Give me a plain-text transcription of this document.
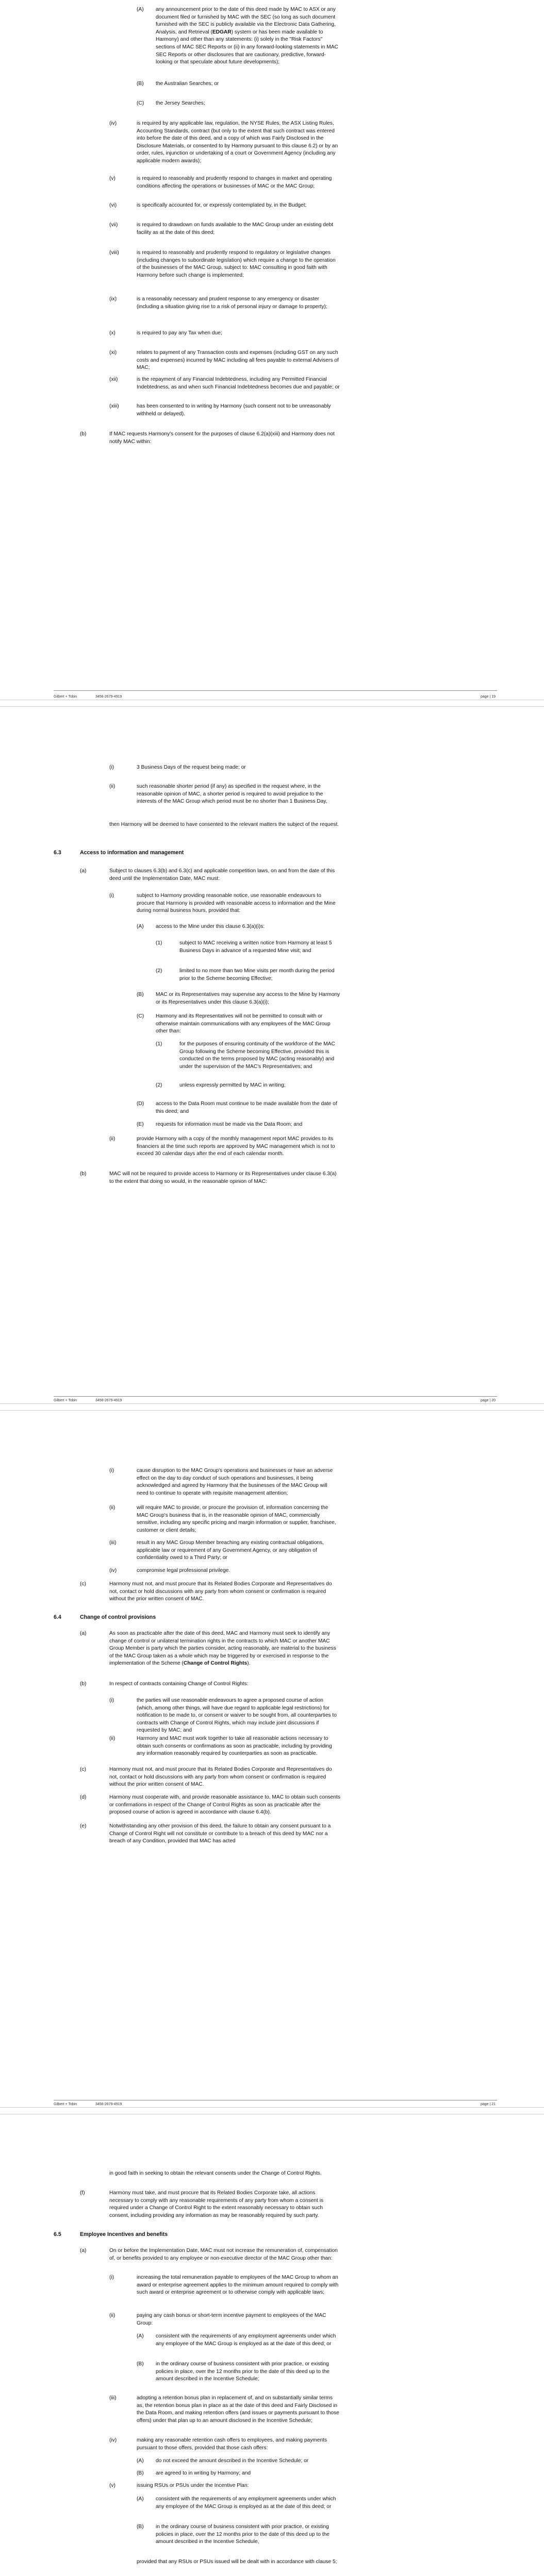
(A) any announcement prior to the date of this deed made by MAC to ASX or any document filed or furnished by MAC with the SEC (so long as such document furnished with the SEC is publicly available via the Electronic Data Gathering, Analysis, and Retrieval (EDGAR) system or has been made available to Harmony) and other than any statements: (i) solely in the "Risk Factors" sections of MAC SEC Reports or (ii) in any forward-looking statements in MAC SEC Reports or other disclosures that are cautionary, predictive, forward-looking or that speculate about future developments);

(B) the Australian Searches; or

(C) the Jersey Searches;

(iv)	is required by any applicable law, regulation, the NYSE Rules, the ASX Listing Rules, Accounting Standards, contract (but only to the extent that such contract was entered into before the date of this deed, and a copy of which was Fairly Disclosed in the Disclosure Materials, or consented to by Harmony pursuant to this clause 6.2) or by an order, rules, injunction or undertaking of a court or Government Agency (including any applicable modern awards);

(v)	is required to reasonably and prudently respond to changes in market and operating conditions affecting the operations or businesses of MAC or the MAC Group;

(vi)	is specifically accounted for, or expressly contemplated by, in the Budget;

(vii)	is required to drawdown on funds available to the MAC Group under an existing debt facility as at the date of this deed;

(viii)	is required to reasonably and prudently respond to regulatory or legislative changes (including changes to subordinate legislation) which require a change to the operation of the businesses of the MAC Group, subject to: MAC consulting in good faith with Harmony before such change is implemented;

(ix)	is a reasonably necessary and prudent response to any emergency or disaster (including a situation giving rise to a risk of personal injury or damage to property);

(x)	is required to pay any Tax when due;

(xi)	relates to payment of any Transaction costs and expenses (including GST on any such costs and expenses) incurred by MAC including all fees payable to external Advisers of MAC;

(xii)	is the repayment of any Financial Indebtedness, including any Permitted Financial Indebtedness, as and when such Financial Indebtedness becomes due and payable; or

(xiii)	has been consented to in writing by Harmony (such consent not to be unreasonably withheld or delayed).

(b)	If MAC requests Harmony's consent for the purposes of clause 6.2(a)(xiii) and Harmony does not notify MAC within:

Gilbert + Tobin	3456-2679-4919	page | 19
(i)	3 Business Days of the request being made; or

(ii)	such reasonable shorter period (if any) as specified in the request where, in the reasonable opinion of MAC, a shorter period is required to avoid prejudice to the interests of the MAC Group which period must be no shorter than 1 Business Day,

then Harmony will be deemed to have consented to the relevant matters the subject of the request.

6.3	Access to information and management
(a)	Subject to clauses 6.3(b) and 6.3(c) and applicable competition laws, on and from the date of this deed until the Implementation Date, MAC must:

(i)	subject to Harmony providing reasonable notice, use reasonable endeavours to procure that Harmony is provided with reasonable access to information and the Mine during normal business hours, provided that:

(A) access to the Mine under this clause 6.3(a)(i)s:

(1)	subject to MAC receiving a written notice from Harmony at least 5 Business Days in advance of a requested Mine visit; and

(2)	limited to no more than two Mine visits per month during the period prior to the Scheme becoming Effective;

(B) MAC or its Representatives may supervise any access to the Mine by Harmony or its Representatives under this clause 6.3(a)(i);

(C) Harmony and its Representatives will not be permitted to consult with or otherwise maintain communications with any employees of the MAC Group other than:

(1)	for the purposes of ensuring continuity of the workforce of the MAC Group following the Scheme becoming Effective, provided this is conducted on the terms proposed by MAC (acting reasonably) and under the supervision of the MAC's Representatives; and

(2)	unless expressly permitted by MAC in writing;

(D) access to the Data Room must continue to be made available from the date of this deed; and

(E) requests for information must be made via the Data Room; and

(ii)	provide Harmony with a copy of the monthly management report MAC provides to its financiers at the time such reports are approved by MAC management which is not to exceed 30 calendar days after the end of each calendar month.

(b)	MAC will not be required to provide access to Harmony or its Representatives under clause 6.3(a) to the extent that doing so would, in the reasonable opinion of MAC:

Gilbert + Tobin	3456-2679-4919	page | 20
(i)	cause disruption to the MAC Group's operations and businesses or have an adverse effect on the day to day conduct of such operations and businesses, it being acknowledged and agreed by Harmony that the businesses of the MAC Group will need to continue to operate with requisite management attention;

(ii)	will require MAC to provide, or procure the provision of, information concerning the MAC Group's business that is, in the reasonable opinion of MAC, commercially sensitive, including any specific pricing and margin information or supplier, franchisee, customer or client details;

(iii)	result in any MAC Group Member breaching any existing contractual obligations, applicable law or requirement of any Government Agency, or any obligation of confidentiality owed to a Third Party; or

(iv)	compromise legal professional privilege.

(c)	Harmony must not, and must procure that its Related Bodies Corporate and Representatives do not, contact or hold discussions with any party from whom consent or confirmation is required without the prior written consent of MAC.

6.4	Change of control provisions
(a)	As soon as practicable after the date of this deed, MAC and Harmony must seek to identify any change of control or unilateral termination rights in the contracts to which MAC or another MAC Group Member is party which the parties consider, acting reasonably, are material to the business of the MAC Group taken as a whole which may be triggered by or exercised in response to the implementation of the Scheme (Change of Control Rights).

(b)	In respect of contracts containing Change of Control Rights:

(i)	the parties will use reasonable endeavours to agree a proposed course of action (which, among other things, will have due regard to applicable legal restrictions) for notification to be made to, or consent or waiver to be sought from, all counterparties to contracts with Change of Control Rights, which may include joint discussions if requested by MAC; and

(ii)	Harmony and MAC must work together to take all reasonable actions necessary to obtain such consents or confirmations as soon as practicable, including by providing any information reasonably required by counterparties as soon as practicable.

(c)	Harmony must not, and must procure that its Related Bodies Corporate and Representatives do not, contact or hold discussions with any party from whom consent or confirmation is required without the prior written consent of MAC.

(d)	Harmony must cooperate with, and provide reasonable assistance to, MAC to obtain such consents or confirmations in respect of the Change of Control Rights as soon as practicable after the proposed course of action is agreed in accordance with clause 6.4(b).

(e)	Notwithstanding any other provision of this deed, the failure to obtain any consent pursuant to a Change of Control Right will not constitute or contribute to a breach of this deed by MAC nor a breach of any Condition, provided that MAC has acted

Gilbert + Tobin	3456-2679-4919	page | 21

in good faith in seeking to obtain the relevant consents under the Change of Control Rights.

(f)	Harmony must take, and must procure that its Related Bodies Corporate take, all actions necessary to comply with any reasonable requirements of any party from whom a consent is required under a Change of Control Right to the extent reasonably necessary to obtain such consent, including providing any information as may be reasonably required by such party.

6.5	Employee Incentives and benefits
(a)	On or before the Implementation Date, MAC must not increase the remuneration of, compensation of, or benefits provided to any employee or non-executive director of the MAC Group other than:

(i)	increasing the total remuneration payable to employees of the MAC Group to whom an award or enterprise agreement applies to the minimum amount required to comply with such award or enterprise agreement or to otherwise comply with applicable laws;

(ii)	paying any cash bonus or short-term incentive payment to employees of the MAC Group:

(A) consistent with the requirements of any employment agreements under which any employee of the MAC Group is employed as at the date of this deed; or

(B) in the ordinary course of business consistent with prior practice, or existing policies in place, over the 12 months prior to the date of this deed up to the amount described in the Incentive Schedule;

(iii)	adopting a retention bonus plan in replacement of, and on substantially similar terms as, the retention bonus plan in place as at the date of this deed and Fairly Disclosed in the Data Room, and making retention offers (and issues or payments pursuant to those offers) under that plan up to an amount disclosed in the Incentive Schedule;

(iv)	making any reasonable retention cash offers to employees, and making payments pursuant to those offers, provided that those cash offers:

(A) do not exceed the amount described in the Incentive Schedule; or

(B) are agreed to in writing by Harmony; and

(v)	issuing RSUs or PSUs under the Incentive Plan:

(A) consistent with the requirements of any employment agreements under which any employee of the MAC Group is employed as at the date of this deed; or

(B) in the ordinary course of business consistent with prior practice, or existing policies in place, over the 12 months prior to the date of this deed up to the amount described in the Incentive Schedule,

provided that any RSUs or PSUs issued will be dealt with in accordance with clause 5;
